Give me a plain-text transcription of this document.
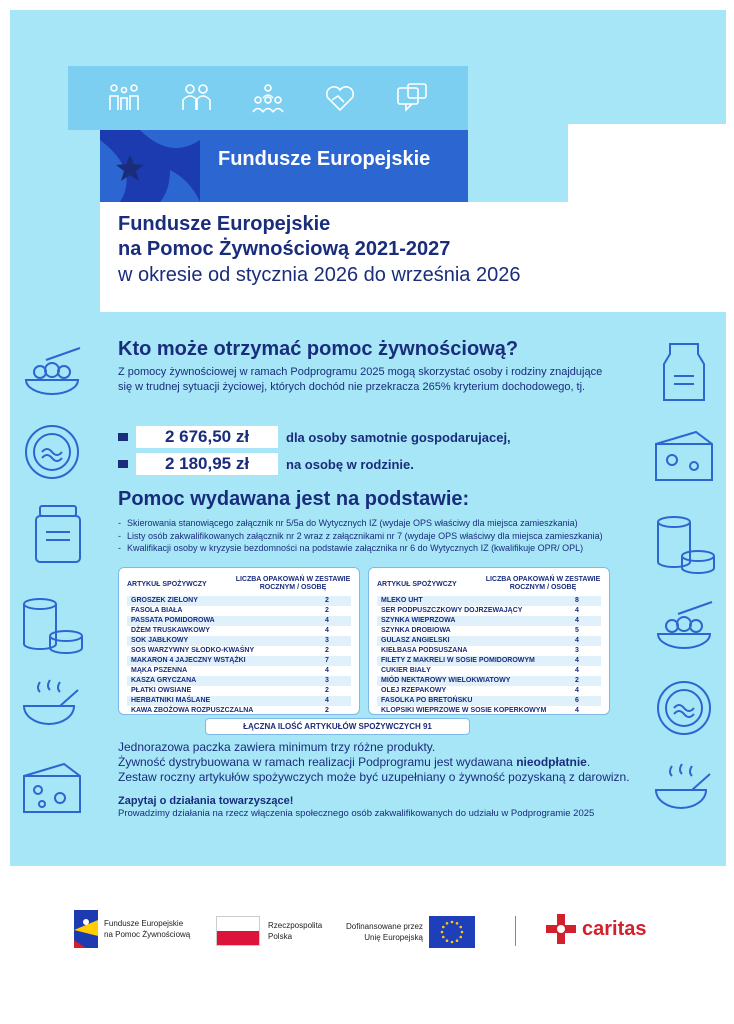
Fundusze Europejskie
Fundusze Europejskie
na Pomoc Żywnościową 2021-2027
w okresie od stycznia 2026 do września 2026
Kto może otrzymać pomoc żywnościową?
Z pomocy żywnościowej w ramach Podprogramu 2025 mogą skorzystać osoby i rodziny znajdujące się w trudnej sytuacji życiowej, których dochód nie przekracza 265% kryterium dochodowego, tj.
2 676,50 zł	dla osoby samotnie gospodarujacej,
2 180,95 zł	na osobę w rodzinie.
Pomoc wydawana jest na podstawie:
- Skierowania stanowiącego załącznik nr 5/5a do Wytycznych IZ (wydaje OPS właściwy dla miejsca zamieszkania)
- Listy osób zakwalifikowanych załącznik nr 2 wraz z załącznikami nr 7 (wydaje OPS właściwy dla miejsca zamieszkania)
- Kwalifikacji osoby w kryzysie bezdomności na podstawie załącznika nr 6 do Wytycznych IZ (kwalifikuje OPR/ OPL)
ARTYKUŁ SPOŻYWCZY
LICZBA OPAKOWAŃ W ZESTAWIE ROCZNYM / OSOBĘ
GROSZEK ZIELONY	2
FASOLA BIAŁA	2
PASSATA POMIDOROWA	4
DŻEM TRUSKAWKOWY	4
SOK JABŁKOWY	3
SOS WARZYWNY SŁODKO-KWAŚNY	2
MAKARON 4 JAJECZNY WSTĄŻKI	7
MĄKA PSZENNA	4
KASZA GRYCZANA	3
PŁATKI OWSIANE	2
HERBATNIKI MAŚLANE	4
KAWA ZBOŻOWA ROZPUSZCZALNA	2
ARTYKUŁ SPOŻYWCZY
LICZBA OPAKOWAŃ W ZESTAWIE ROCZNYM / OSOBĘ
MLEKO UHT	8
SER PODPUSZCZKOWY DOJRZEWAJĄCY	4
SZYNKA WIEPRZOWA	4
SZYNKA DROBIOWA	5
GULASZ ANGIELSKI	4
KIEŁBASA PODSUSZANA	3
FILETY Z MAKRELI W SOSIE POMIDOROWYM	4
CUKIER BIAŁY	4
MIÓD NEKTAROWY WIELOKWIATOWY	2
OLEJ RZEPAKOWY	4
FASOLKA PO BRETOŃSKU	6
KLOPSIKI WIEPRZOWE W SOSIE KOPERKOWYM	4
ŁĄCZNA ILOŚĆ ARTYKUŁÓW SPOŻYWCZYCH 91
Jednorazowa paczka zawiera minimum trzy różne produkty.
Żywność dystrybuowana w ramach realizacji Podprogramu jest wydawana nieodpłatnie.
Zestaw roczny artykułów spożywczych może być uzupełniany o żywność pozyskaną z darowizn.
Zapytaj o działania towarzyszące!
Prowadzimy działania na rzecz włączenia społecznego osób zakwalifikowanych do udziału w Podprogramie 2025
Fundusze Europejskie
na Pomoc Żywnościową
Rzeczpospolita
Polska
Dofinansowane przez
Unię Europejską	caritas
